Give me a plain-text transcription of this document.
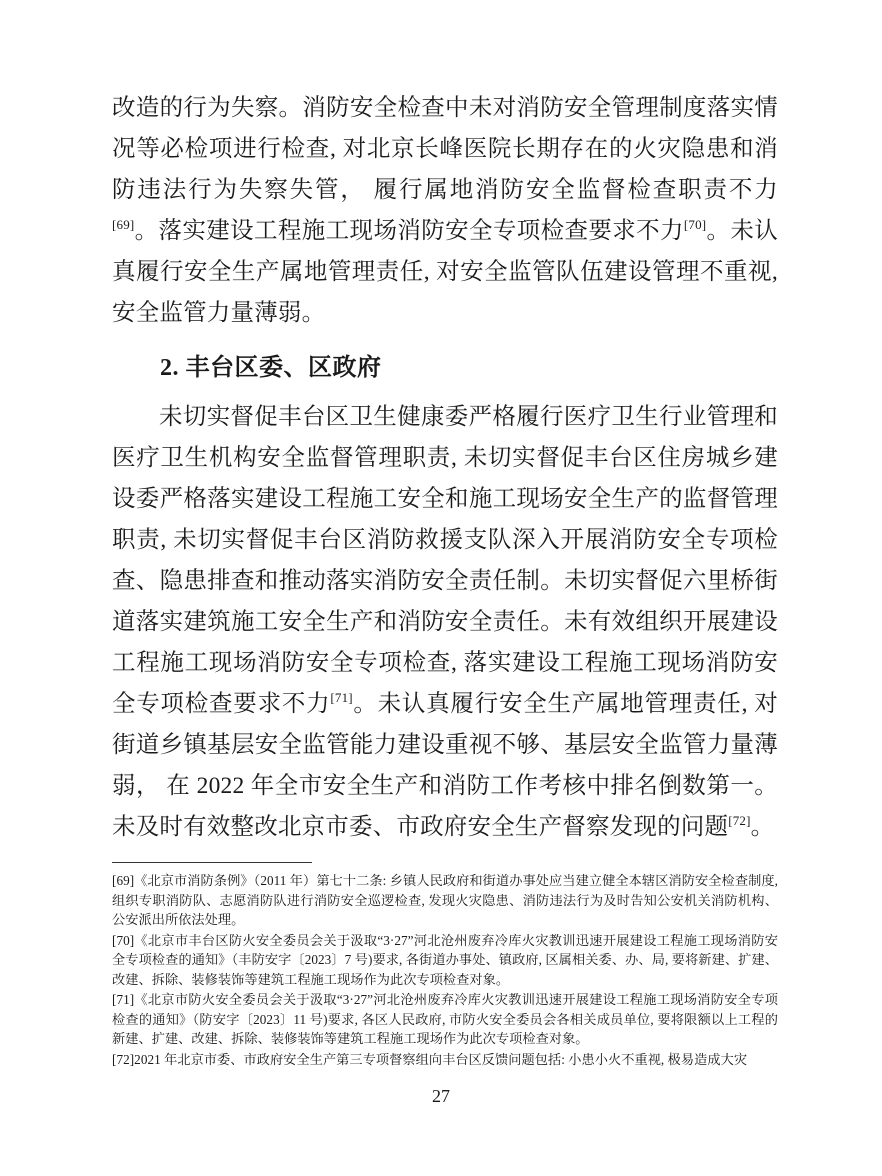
改造的行为失察。消防安全检查中未对消防安全管理制度落实情况等必检项进行检查, 对北京长峰医院长期存在的火灾隐患和消防违法行为失察失管， 履行属地消防安全监督检查职责不力[69]。落实建设工程施工现场消防安全专项检查要求不力[70]。未认真履行安全生产属地管理责任, 对安全监管队伍建设管理不重视, 安全监管力量薄弱。

2. 丰台区委、区政府

未切实督促丰台区卫生健康委严格履行医疗卫生行业管理和医疗卫生机构安全监督管理职责, 未切实督促丰台区住房城乡建设委严格落实建设工程施工安全和施工现场安全生产的监督管理职责, 未切实督促丰台区消防救援支队深入开展消防安全专项检查、隐患排查和推动落实消防安全责任制。未切实督促六里桥街道落实建筑施工安全生产和消防安全责任。未有效组织开展建设工程施工现场消防安全专项检查, 落实建设工程施工现场消防安全专项检查要求不力[71]。未认真履行安全生产属地管理责任, 对街道乡镇基层安全监管能力建设重视不够、基层安全监管力量薄弱， 在 2022 年全市安全生产和消防工作考核中排名倒数第一。未及时有效整改北京市委、市政府安全生产督察发现的问题[72]。

[69]《北京市消防条例》（2011 年）第七十二条: 乡镇人民政府和街道办事处应当建立健全本辖区消防安全检查制度, 组织专职消防队、志愿消防队进行消防安全巡逻检查, 发现火灾隐患、消防违法行为及时告知公安机关消防机构、公安派出所依法处理。

[70]《北京市丰台区防火安全委员会关于汲取“3·27”河北沧州废弃冷库火灾教训迅速开展建设工程施工现场消防安全专项检查的通知》（丰防安字〔2023〕7 号)要求, 各街道办事处、镇政府, 区属相关委、办、局, 要将新建、扩建、改建、拆除、装修装饰等建筑工程施工现场作为此次专项检查对象。

[71]《北京市防火安全委员会关于汲取“3·27”河北沧州废弃冷库火灾教训迅速开展建设工程施工现场消防安全专项检查的通知》（防安字〔2023〕11 号)要求, 各区人民政府, 市防火安全委员会各相关成员单位, 要将限额以上工程的新建、扩建、改建、拆除、装修装饰等建筑工程施工现场作为此次专项检查对象。

[72]2021 年北京市委、市政府安全生产第三专项督察组向丰台区反馈问题包括: 小患小火不重视, 极易造成大灾

27
